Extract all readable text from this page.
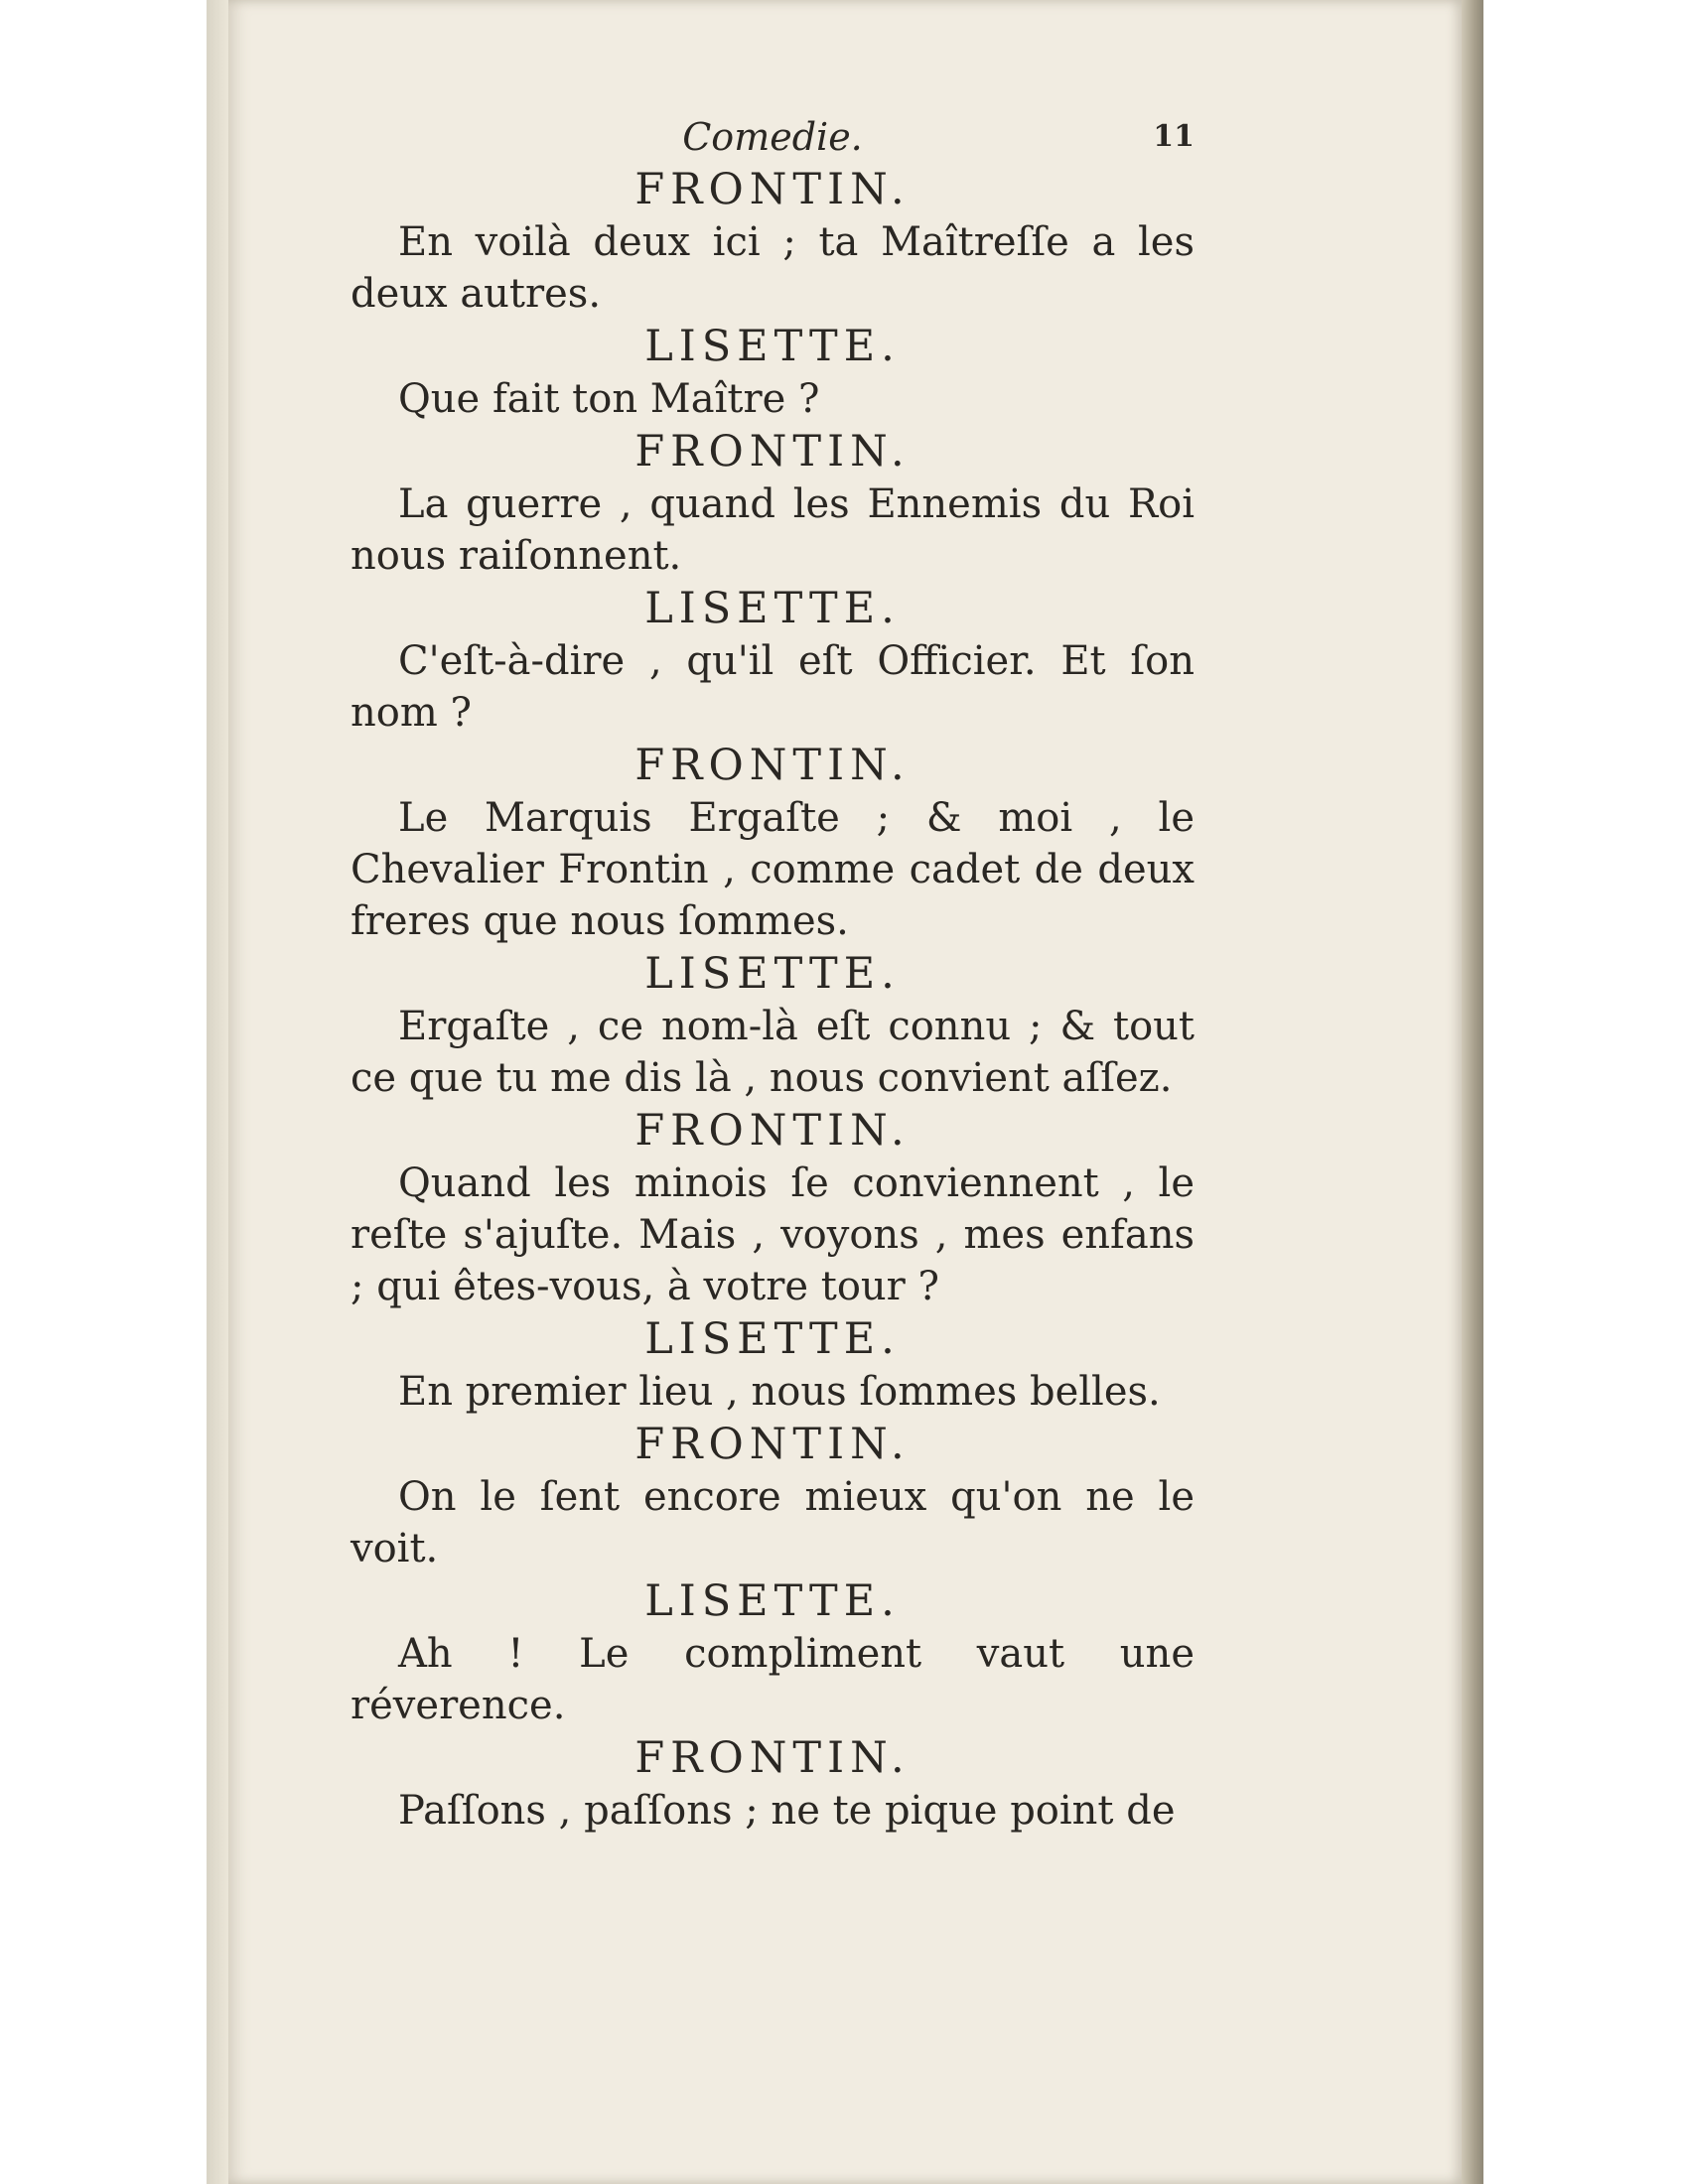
Comedie.	11
FRONTIN.

En voilà deux ici ; ta Maîtreſſe a les deux autres.

LISETTE.

Que fait ton Maître ?

FRONTIN.

La guerre , quand les Ennemis du Roi nous raiſonnent.

LISETTE.

C'eſt-à-dire , qu'il eſt Officier. Et ſon nom ?

FRONTIN.

Le Marquis Ergaſte ; & moi , le Chevalier Frontin , comme cadet de deux freres que nous ſommes.

LISETTE.

Ergaſte , ce nom-là eſt connu ; & tout ce que tu me dis là , nous convient aſſez.

FRONTIN.

Quand les minois ſe conviennent , le reſte s'ajuſte. Mais , voyons , mes enfans ; qui êtes-vous, à votre tour ?

LISETTE.

En premier lieu , nous ſommes belles.

FRONTIN.

On le ſent encore mieux qu'on ne le voit.

LISETTE.

Ah ! Le compliment vaut une réverence.

FRONTIN.

Paſſons , paſſons ; ne te pique point de
